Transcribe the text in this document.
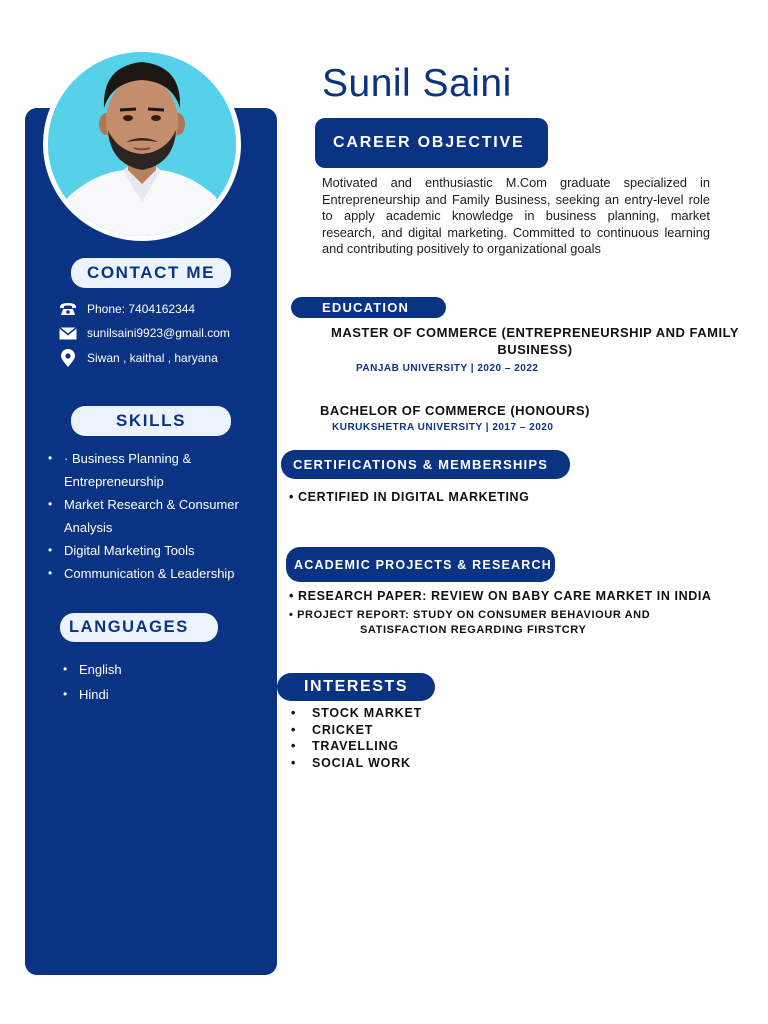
CONTACT ME
Phone: 7404162344
sunilsaini9923@gmail.com
Siwan , kaithal , haryana
SKILLS
• · Business Planning & Entrepreneurship
• Market Research & Consumer Analysis
• Digital Marketing Tools
• Communication & Leadership
LANGUAGES
• English
• Hindi
Sunil Saini
CAREER OBJECTIVE

Motivated and enthusiastic M.Com graduate specialized in Entrepreneurship and Family Business, seeking an entry-level role to apply academic knowledge in business planning, market research, and digital marketing. Committed to continuous learning and contributing positively to organizational goals

EDUCATION
MASTER OF COMMERCE (ENTREPRENEURSHIP AND FAMILY BUSINESS)
PANJAB UNIVERSITY | 2020 – 2022
BACHELOR OF COMMERCE (HONOURS)
KURUKSHETRA UNIVERSITY | 2017 – 2020
CERTIFICATIONS & MEMBERSHIPS
• CERTIFIED IN DIGITAL MARKETING
ACADEMIC PROJECTS & RESEARCH
• RESEARCH PAPER: REVIEW ON BABY CARE MARKET IN INDIA
• PROJECT REPORT: STUDY ON CONSUMER BEHAVIOUR AND
SATISFACTION REGARDING FIRSTCRY
INTERESTS
• STOCK MARKET
• CRICKET
• TRAVELLING
• SOCIAL WORK
